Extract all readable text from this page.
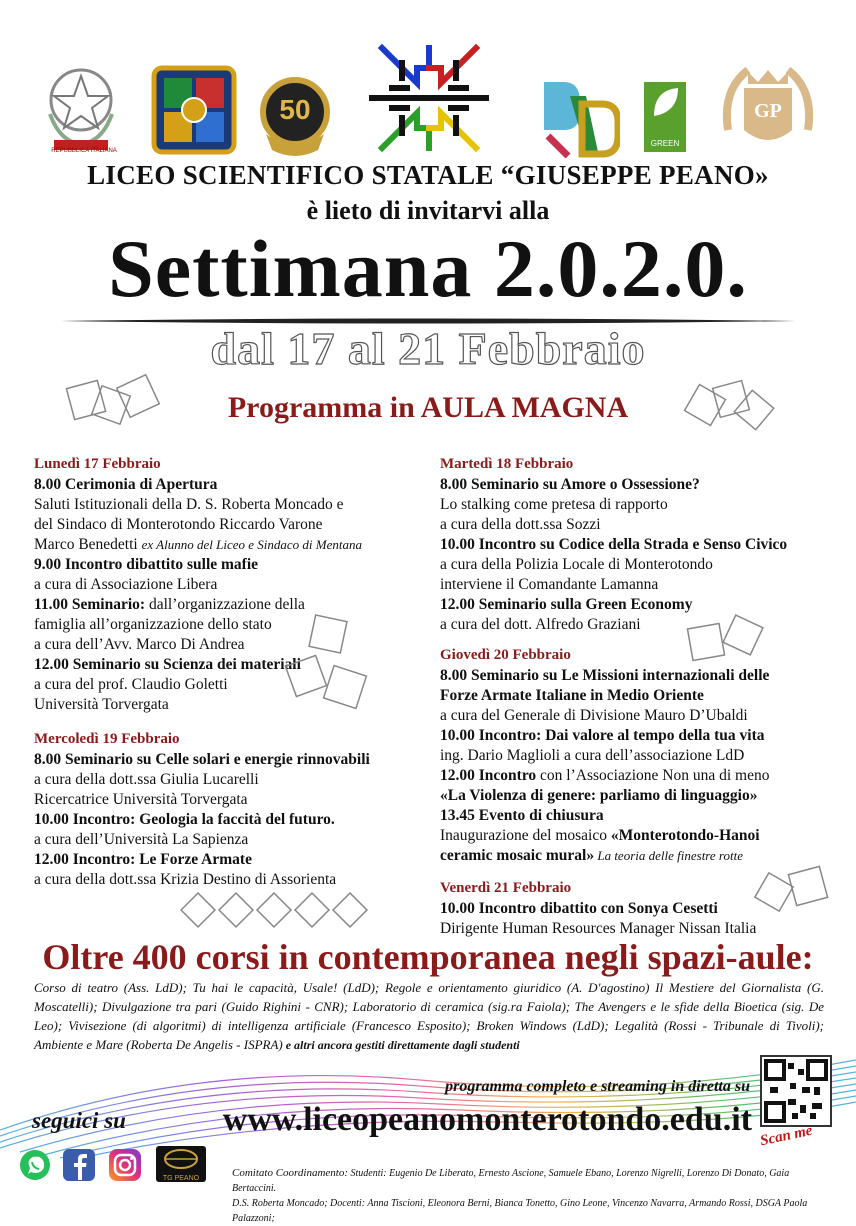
REPUBBLICA ITALIANA
50
GREEN
GP
LICEO SCIENTIFICO STATALE “GIUSEPPE PEANO»
è lieto di invitarvi alla
Settimana 2.0.2.0.
dal 17 al 21 Febbraio
Programma in AULA MAGNA
Lunedì 17 Febbraio
8.00 Cerimonia di Apertura
Saluti Istituzionali della D. S. Roberta Moncado e
del Sindaco di Monterotondo Riccardo Varone
Marco Benedetti ex Alunno del Liceo e Sindaco di Mentana
9.00 Incontro dibattito sulle mafie
a cura di Associazione Libera
11.00 Seminario: dall’organizzazione della
famiglia all’organizzazione dello stato
a cura dell’Avv. Marco Di Andrea
12.00 Seminario su Scienza dei materiali
a cura del prof. Claudio Goletti
Università Torvergata
Mercoledì 19 Febbraio
8.00 Seminario su Celle solari e energie rinnovabili
a cura della dott.ssa Giulia Lucarelli
Ricercatrice Università Torvergata
10.00 Incontro: Geologia la faccità del futuro.
a cura dell’Università La Sapienza
12.00 Incontro: Le Forze Armate
a cura della dott.ssa Krizia Destino di Assorienta
Martedì 18 Febbraio
8.00 Seminario su Amore o Ossessione?
Lo stalking come pretesa di rapporto
a cura della dott.ssa Sozzi
10.00 Incontro su Codice della Strada e Senso Civico
a cura della Polizia Locale di Monterotondo
interviene il Comandante Lamanna
12.00 Seminario sulla Green Economy
a cura del dott. Alfredo Graziani
Giovedì 20 Febbraio
8.00 Seminario su Le Missioni internazionali delle
Forze Armate Italiane in Medio Oriente
a cura del Generale di Divisione Mauro D’Ubaldi
10.00 Incontro: Dai valore al tempo della tua vita
ing. Dario Maglioli a cura dell’associazione LdD
12.00 Incontro con l’Associazione Non una di meno
«La Violenza di genere: parliamo di linguaggio»
13.45 Evento di chiusura
Inaugurazione del mosaico «Monterotondo-Hanoi
ceramic mosaic mural» La teoria delle finestre rotte
Venerdì 21 Febbraio
10.00 Incontro dibattito con Sonya Cesetti
Dirigente Human Resources Manager Nissan Italia
Oltre 400 corsi in contemporanea negli spazi-aule:
Corso di teatro (Ass. LdD); Tu hai le capacità, Usale! (LdD); Regole e orientamento giuridico (A. D'agostino) Il Mestiere del Giornalista (G. Moscatelli); Divulgazione tra pari (Guido Righini - CNR); Laboratorio di ceramica (sig.ra Faiola); The Avengers e le sfide della Bioetica (sig. De Leo); Vivisezione (di algoritmi) di intelligenza artificiale (Francesco Esposito); Broken Windows (LdD); Legalità (Rossi - Tribunale di Tivoli); Ambiente e Mare (Roberta De Angelis - ISPRA) e altri ancora gestiti direttamente dagli studenti
programma completo e streaming in diretta su
www.liceopeanomonterotondo.edu.it
seguici su
Scan me
TG PEANO	Comitato Coordinamento: Studenti: Eugenio De Liberato, Ernesto Ascione, Samuele Ebano, Lorenzo Nigrelli, Lorenzo Di Donato, Gaia Bertaccini.
D.S. Roberta Moncado; Docenti: Anna Tiscioni, Eleonora Berni, Bianca Tonetto, Gino Leone, Vincenzo Navarra, Armando Rossi, DSGA Paola Palazzoni;
